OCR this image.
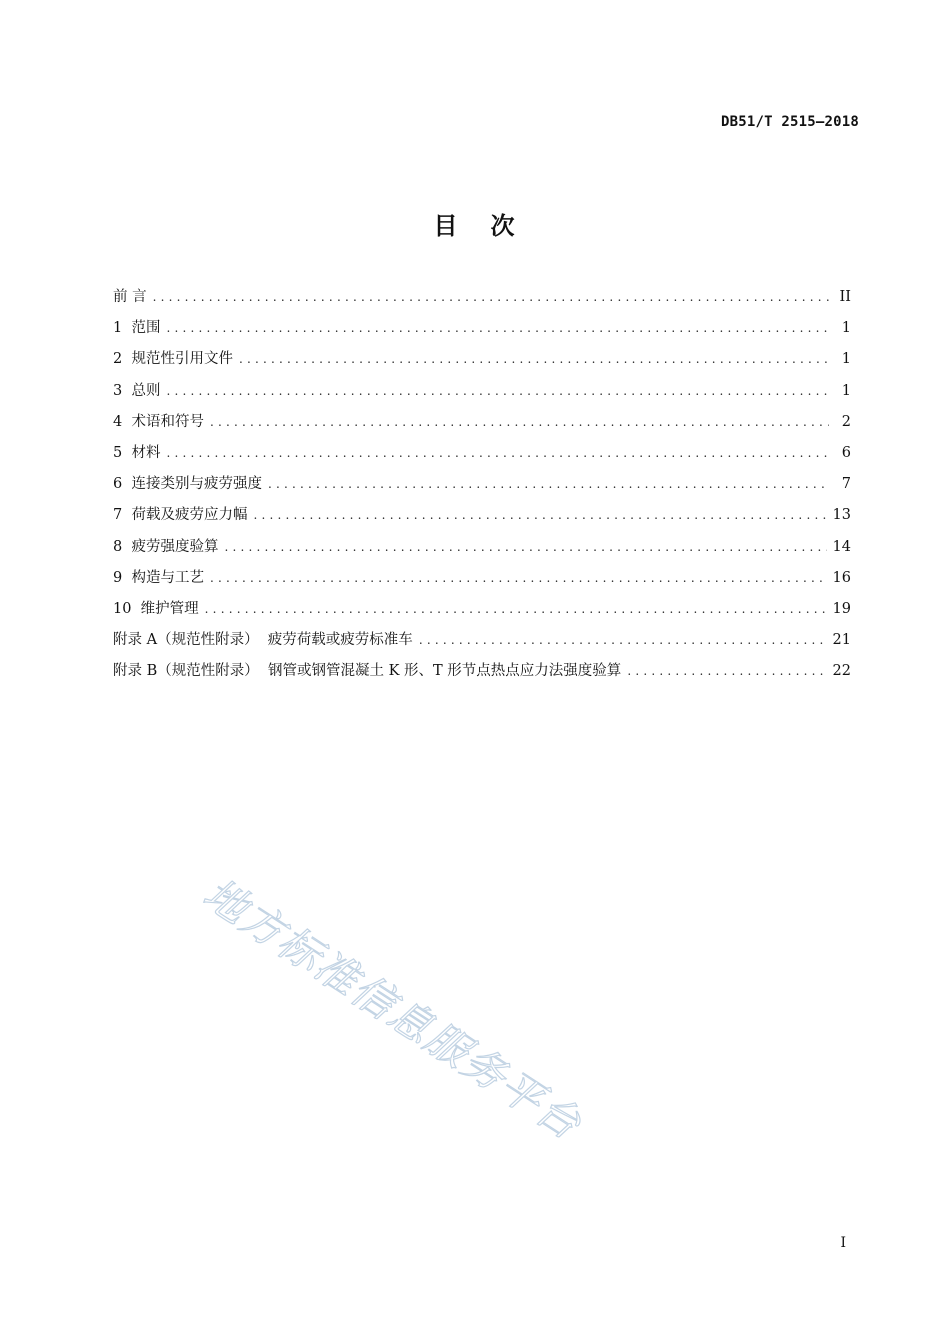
DB51/T 2515—2018
目   次
前 言 .....	II
1  范围 .....	1
2  规范性引用文件 .....	1
3  总则 .....	1
4  术语和符号 .....	2
5  材料 .....	6
6  连接类别与疲劳强度 .....	7
7  荷载及疲劳应力幅 .....	13
8  疲劳强度验算 .....	14
9  构造与工艺 .....	16
10  维护管理 .....	19
附录 A（规范性附录）  疲劳荷载或疲劳标准车 .....	21
附录 B（规范性附录）  钢管或钢管混凝土 K 形、T 形节点热点应力法强度验算 .....	22
地方标准信息服务平台
I
